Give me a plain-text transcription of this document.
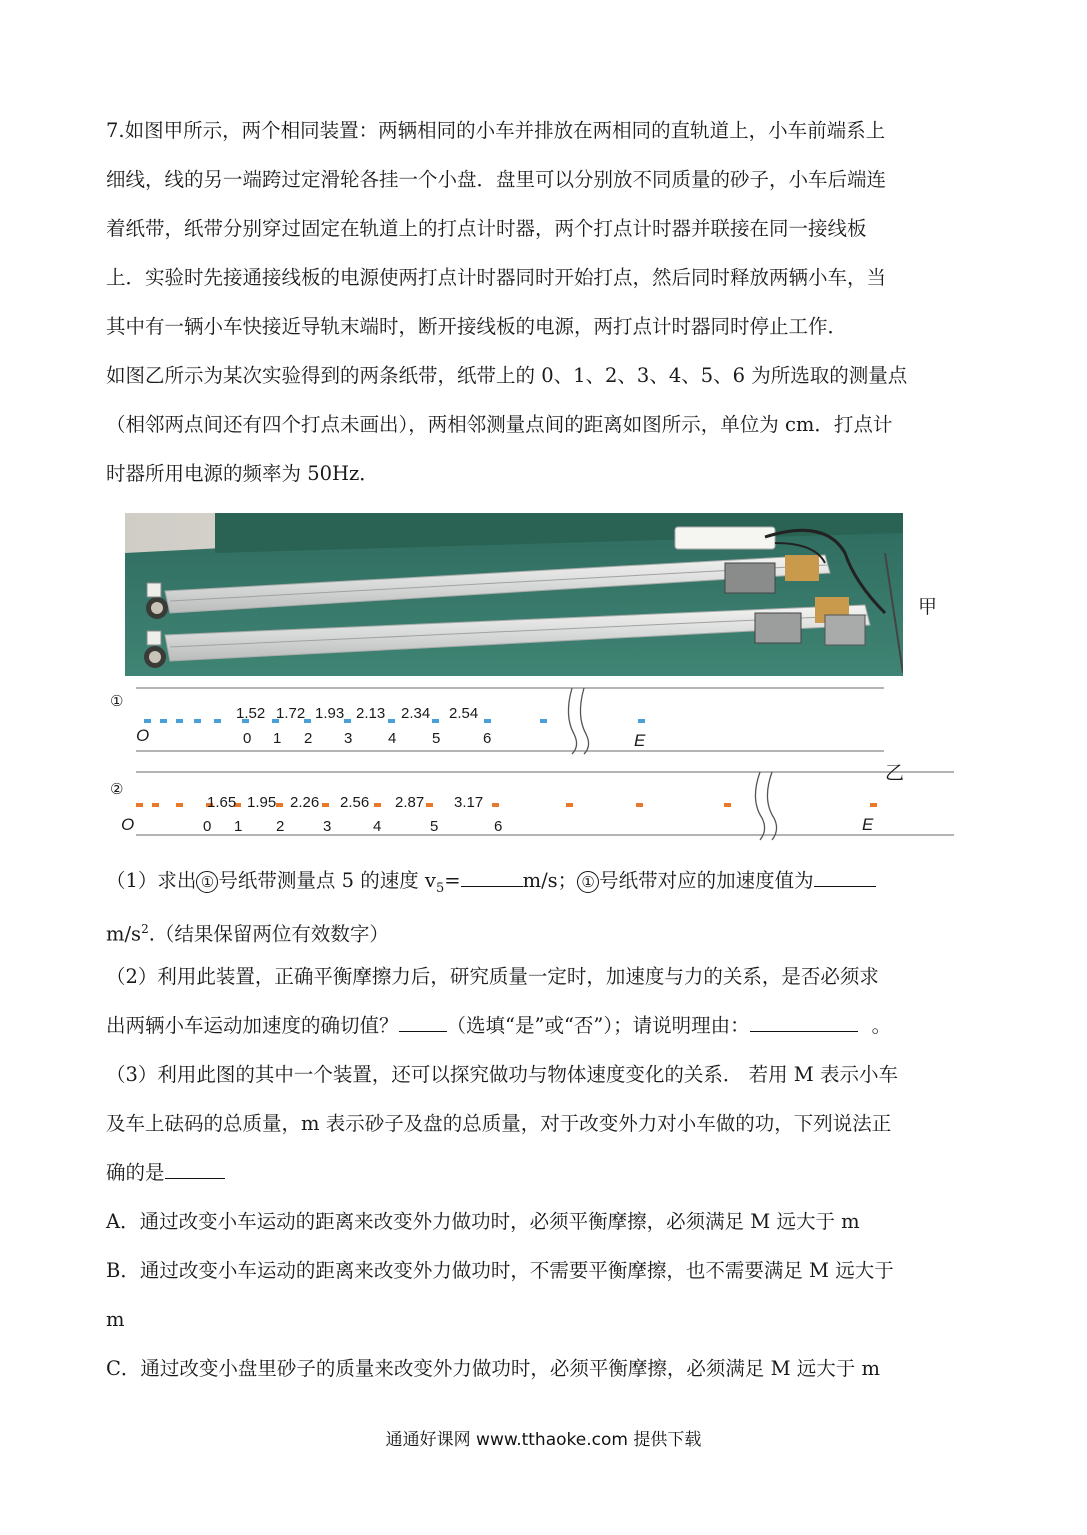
7.如图甲所示，两个相同装置：两辆相同的小车并排放在两相同的直轨道上，小车前端系上
细线，线的另一端跨过定滑轮各挂一个小盘．盘里可以分别放不同质量的砂子，小车后端连
着纸带，纸带分别穿过固定在轨道上的打点计时器，两个打点计时器并联接在同一接线板
上．实验时先接通接线板的电源使两打点计时器同时开始打点，然后同时释放两辆小车，当
其中有一辆小车快接近导轨末端时，断开接线板的电源，两打点计时器同时停止工作．
如图乙所示为某次实验得到的两条纸带，纸带上的 0、1、2、3、4、5、6 为所选取的测量点
（相邻两点间还有四个打点未画出），两相邻测量点间的距离如图所示，单位为 cm．打点计
时器所用电源的频率为 50Hz．
甲
①
O	E
1.52 1.72 1.93 2.13 2.34 2.54
0 1 2 3 4 5	6
乙
②
O	E
1.65 1.95 2.26 2.56 2.87 3.17
0 1 2	3	4	5	6
（1）求出 ① 号纸带测量点 5 的速度 $v_5=$	m/s； ① 号纸带对应的加速度值为
$m/s^2$.（结果保留两位有效数字）
（2）利用此装置，正确平衡摩擦力后，研究质量一定时，加速度与力的关系，是否必须求
出两辆小车运动加速度的确切值？ （选填“是”或“否”）；请说明理由：	。
（3）利用此图的其中一个装置，还可以探究做功与物体速度变化的关系． 若用 M 表示小车
及车上砝码的总质量，m 表示砂子及盘的总质量，对于改变外力对小车做的功，下列说法正
确的是
A．通过改变小车运动的距离来改变外力做功时，必须平衡摩擦，必须满足 M 远大于 m
B．通过改变小车运动的距离来改变外力做功时，不需要平衡摩擦，也不需要满足 M 远大于
m
C．通过改变小盘里砂子的质量来改变外力做功时，必须平衡摩擦，必须满足 M 远大于 m
通通好课网 www.tthaoke.com 提供下载
